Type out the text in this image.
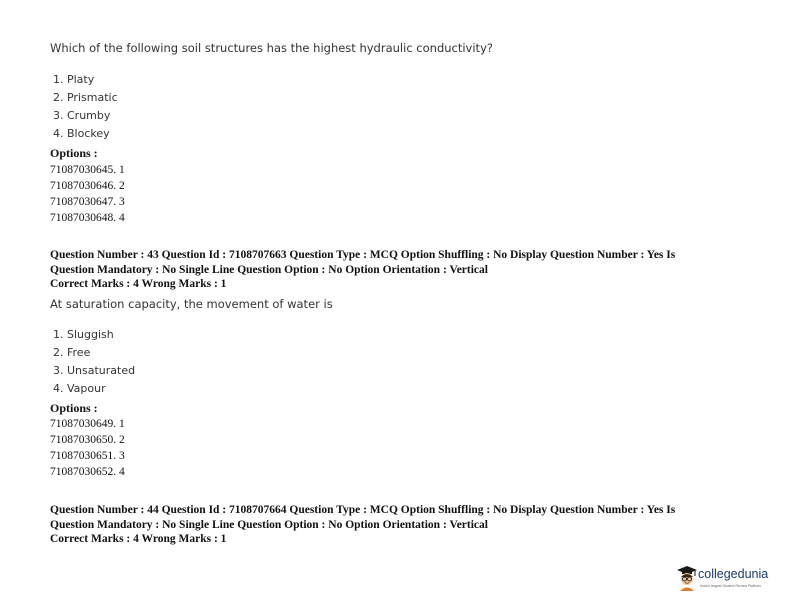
Which of the following soil structures has the highest hydraulic conductivity?
1. Platy
2. Prismatic
3. Crumby
4. Blockey
Options :
71087030645. 1
71087030646. 2
71087030647. 3
71087030648. 4
Question Number : 43 Question Id : 7108707663 Question Type : MCQ Option Shuffling : No Display Question Number : Yes Is
Question Mandatory : No Single Line Question Option : No Option Orientation : Vertical
Correct Marks : 4 Wrong Marks : 1
At saturation capacity, the movement of water is
1. Sluggish
2. Free
3. Unsaturated
4. Vapour
Options :
71087030649. 1
71087030650. 2
71087030651. 3
71087030652. 4
Question Number : 44 Question Id : 7108707664 Question Type : MCQ Option Shuffling : No Display Question Number : Yes Is
Question Mandatory : No Single Line Question Option : No Option Orientation : Vertical
Correct Marks : 4 Wrong Marks : 1
collegedunia
India's largest Student Review Platform
